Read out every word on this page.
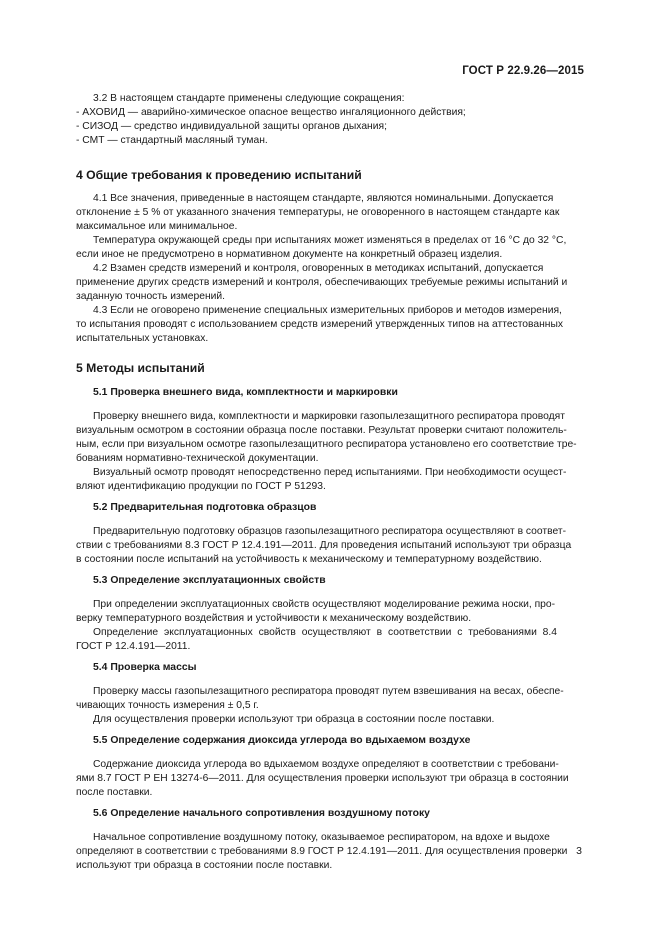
ГОСТ Р 22.9.26—2015
3.2 В настоящем стандарте применены следующие сокращения:
- АХОВИД — аварийно-химическое опасное вещество ингаляционного действия;
- СИЗОД — средство индивидуальной защиты органов дыхания;
- СМТ — стандартный масляный туман.
4 Общие требования к проведению испытаний
4.1 Все значения, приведенные в настоящем стандарте, являются номинальными. Допускается
отклонение ± 5 % от указанного значения температуры, не оговоренного в настоящем стандарте как
максимальное или минимальное.
Температура окружающей среды при испытаниях может изменяться в пределах от 16 °С до 32 °С,
если иное не предусмотрено в нормативном документе на конкретный образец изделия.
4.2 Взамен средств измерений и контроля, оговоренных в методиках испытаний, допускается
применение других средств измерений и контроля, обеспечивающих требуемые режимы испытаний и
заданную точность измерений.
4.3 Если не оговорено применение специальных измерительных приборов и методов измерения,
то испытания проводят с использованием средств измерений утвержденных типов на аттестованных
испытательных установках.
5 Методы испытаний
5.1 Проверка внешнего вида, комплектности и маркировки
Проверку внешнего вида, комплектности и маркировки газопылезащитного респиратора проводят
визуальным осмотром в состоянии образца после поставки. Результат проверки считают положитель-
ным, если при визуальном осмотре газопылезащитного респиратора установлено его соответствие тре-
бованиям нормативно-технической документации.
Визуальный осмотр проводят непосредственно перед испытаниями. При необходимости осущест-
вляют идентификацию продукции по ГОСТ Р 51293.
5.2 Предварительная подготовка образцов
Предварительную подготовку образцов газопылезащитного респиратора осуществляют в соответ-
ствии с требованиями 8.3 ГОСТ Р 12.4.191—2011. Для проведения испытаний используют три образца
в состоянии после испытаний на устойчивость к механическому и температурному воздействию.
5.3 Определение эксплуатационных свойств
При определении эксплуатационных свойств осуществляют моделирование режима носки, про-
верку температурного воздействия и устойчивости к механическому воздействию.
Определение эксплуатационных свойств осуществляют в соответствии с требованиями 8.4
ГОСТ Р 12.4.191—2011.
5.4 Проверка массы
Проверку массы газопылезащитного респиратора проводят путем взвешивания на весах, обеспе-
чивающих точность измерения ± 0,5 г.
Для осуществления проверки используют три образца в состоянии после поставки.
5.5 Определение содержания диоксида углерода во вдыхаемом воздухе
Содержание диоксида углерода во вдыхаемом воздухе определяют в соответствии с требовани-
ями 8.7 ГОСТ Р ЕН 13274-6—2011. Для осуществления проверки используют три образца в состоянии
после поставки.
5.6 Определение начального сопротивления воздушному потоку
Начальное сопротивление воздушному потоку, оказываемое респиратором, на вдохе и выдохе
определяют в соответствии с требованиями 8.9 ГОСТ Р 12.4.191—2011. Для осуществления проверки
используют три образца в состоянии после поставки.
3
